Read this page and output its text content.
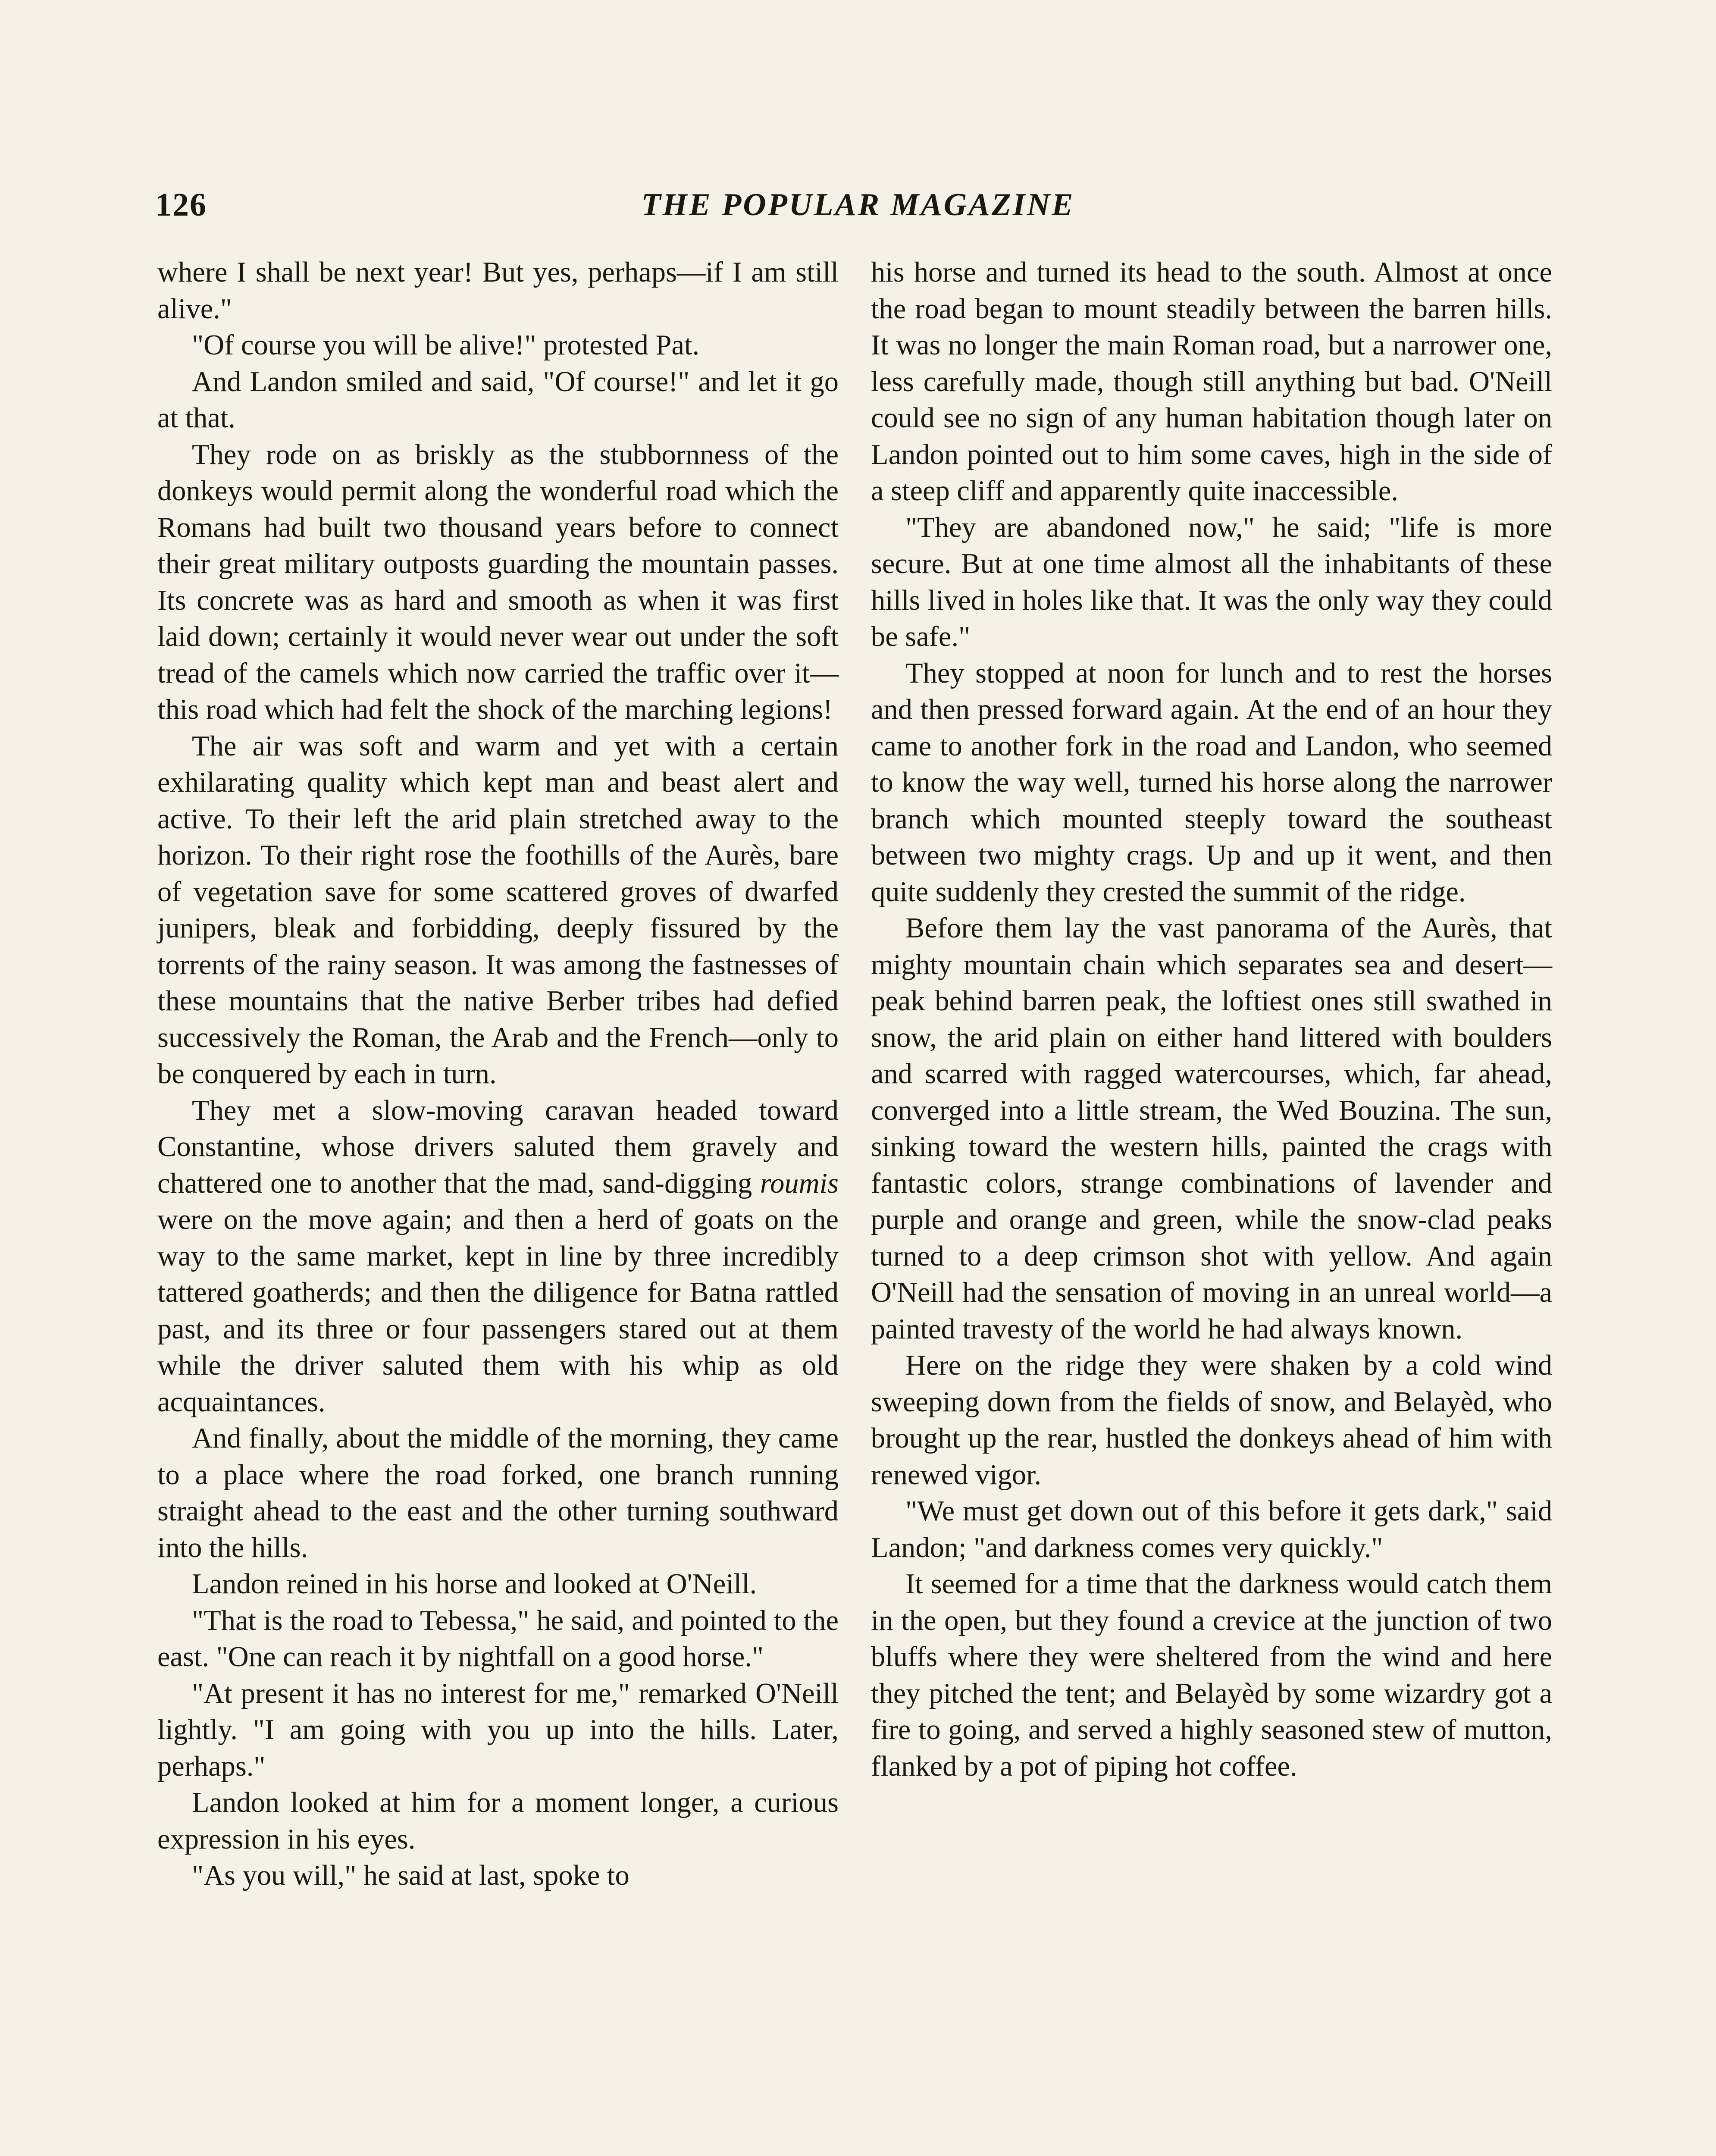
126	THE POPULAR MAGAZINE

where I shall be next year! But yes, perhaps—if I am still alive."

"Of course you will be alive!" protested Pat.

And Landon smiled and said, "Of course!" and let it go at that.

They rode on as briskly as the stubbornness of the donkeys would permit along the wonderful road which the Romans had built two thousand years before to connect their great military outposts guarding the mountain passes. Its concrete was as hard and smooth as when it was first laid down; certainly it would never wear out under the soft tread of the camels which now carried the traffic over it—this road which had felt the shock of the marching legions!

The air was soft and warm and yet with a certain exhilarating quality which kept man and beast alert and active. To their left the arid plain stretched away to the horizon. To their right rose the foothills of the Aurès, bare of vegetation save for some scattered groves of dwarfed junipers, bleak and forbidding, deeply fissured by the torrents of the rainy season. It was among the fastnesses of these mountains that the native Berber tribes had defied successively the Roman, the Arab and the French—only to be conquered by each in turn.

They met a slow-moving caravan headed toward Constantine, whose drivers saluted them gravely and chattered one to another that the mad, sand-digging roumis were on the move again; and then a herd of goats on the way to the same market, kept in line by three incredibly tattered goatherds; and then the diligence for Batna rattled past, and its three or four passengers stared out at them while the driver saluted them with his whip as old acquaintances.

And finally, about the middle of the morning, they came to a place where the road forked, one branch running straight ahead to the east and the other turning southward into the hills.

Landon reined in his horse and looked at O'Neill.

"That is the road to Tebessa," he said, and pointed to the east. "One can reach it by nightfall on a good horse."

"At present it has no interest for me," remarked O'Neill lightly. "I am going with you up into the hills. Later, perhaps."

Landon looked at him for a moment longer, a curious expression in his eyes.

"As you will," he said at last, spoke to

his horse and turned its head to the south. Almost at once the road began to mount steadily between the barren hills. It was no longer the main Roman road, but a narrower one, less carefully made, though still anything but bad. O'Neill could see no sign of any human habitation though later on Landon pointed out to him some caves, high in the side of a steep cliff and apparently quite inaccessible.

"They are abandoned now," he said; "life is more secure. But at one time almost all the inhabitants of these hills lived in holes like that. It was the only way they could be safe."

They stopped at noon for lunch and to rest the horses and then pressed forward again. At the end of an hour they came to another fork in the road and Landon, who seemed to know the way well, turned his horse along the narrower branch which mounted steeply toward the southeast between two mighty crags. Up and up it went, and then quite suddenly they crested the summit of the ridge.

Before them lay the vast panorama of the Aurès, that mighty mountain chain which separates sea and desert—peak behind barren peak, the loftiest ones still swathed in snow, the arid plain on either hand littered with boulders and scarred with ragged watercourses, which, far ahead, converged into a little stream, the Wed Bouzina. The sun, sinking toward the western hills, painted the crags with fantastic colors, strange combinations of lavender and purple and orange and green, while the snow-clad peaks turned to a deep crimson shot with yellow. And again O'Neill had the sensation of moving in an unreal world—a painted travesty of the world he had always known.

Here on the ridge they were shaken by a cold wind sweeping down from the fields of snow, and Belayèd, who brought up the rear, hustled the donkeys ahead of him with renewed vigor.

"We must get down out of this before it gets dark," said Landon; "and darkness comes very quickly."

It seemed for a time that the darkness would catch them in the open, but they found a crevice at the junction of two bluffs where they were sheltered from the wind and here they pitched the tent; and Belayèd by some wizardry got a fire to going, and served a highly seasoned stew of mutton, flanked by a pot of piping hot coffee.
